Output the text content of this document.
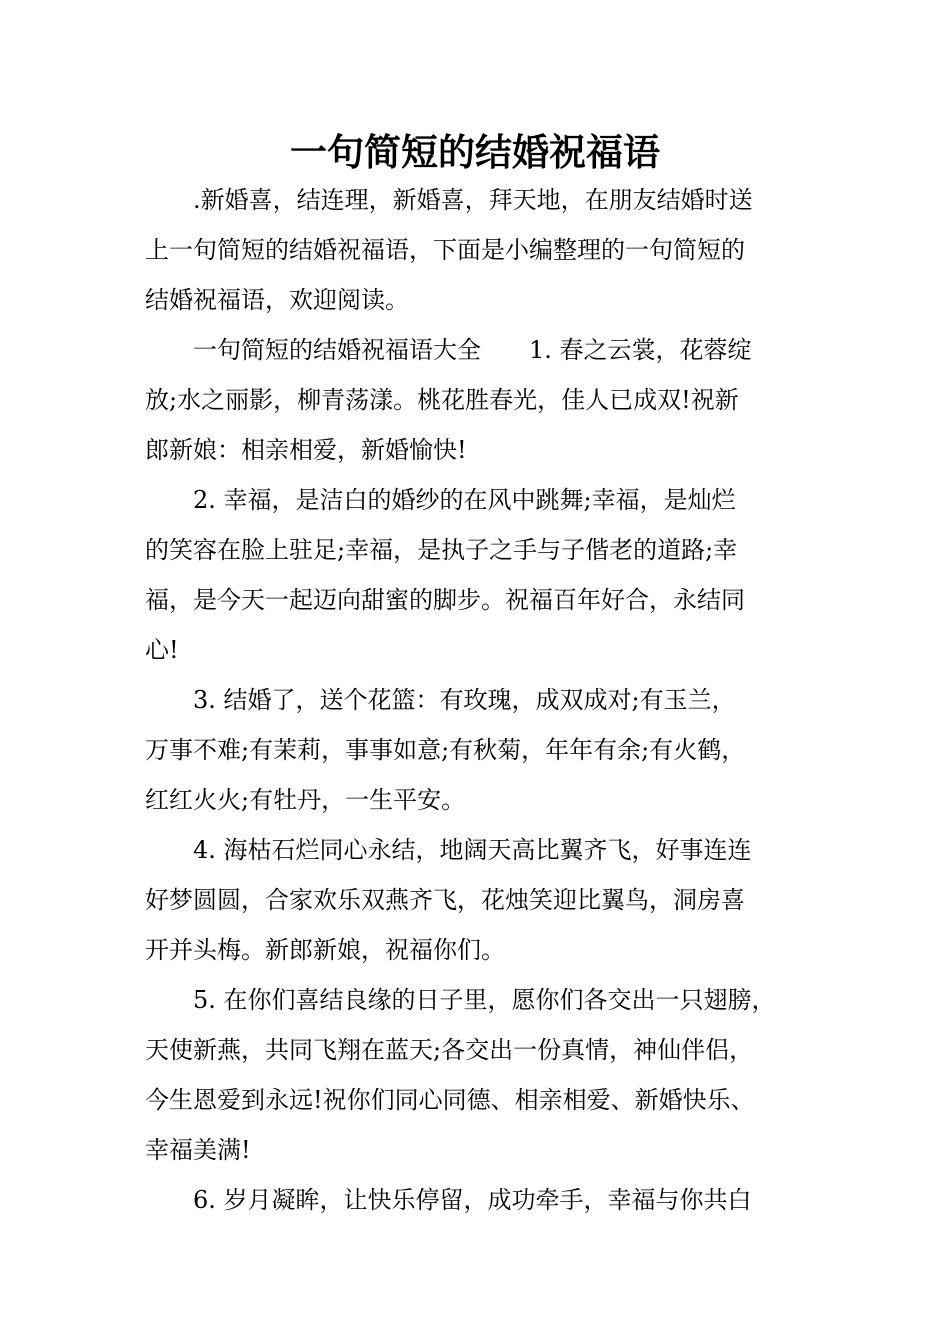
一句简短的结婚祝福语

.新婚喜，结连理，新婚喜，拜天地，在朋友结婚时送
上一句简短的结婚祝福语，下面是小编整理的一句简短的
结婚祝福语，欢迎阅读。

一句简短的结婚祝福语大全　　1. 春之云裳，花蓉绽
放;水之丽影，柳青荡漾。桃花胜春光，佳人已成双!祝新
郎新娘：相亲相爱，新婚愉快!

2. 幸福，是洁白的婚纱的在风中跳舞;幸福，是灿烂
的笑容在脸上驻足;幸福，是执子之手与子偕老的道路;幸
福，是今天一起迈向甜蜜的脚步。祝福百年好合，永结同
心!

3. 结婚了，送个花篮：有玫瑰，成双成对;有玉兰，
万事不难;有茉莉，事事如意;有秋菊，年年有余;有火鹤，
红红火火;有牡丹，一生平安。

4. 海枯石烂同心永结，地阔天高比翼齐飞，好事连连
好梦圆圆，合家欢乐双燕齐飞，花烛笑迎比翼鸟，洞房喜
开并头梅。新郎新娘，祝福你们。

5. 在你们喜结良缘的日子里，愿你们各交出一只翅膀，
天使新燕，共同飞翔在蓝天;各交出一份真情，神仙伴侣，
今生恩爱到永远!祝你们同心同德、相亲相爱、新婚快乐、
幸福美满!

6. 岁月凝眸，让快乐停留，成功牵手，幸福与你共白
